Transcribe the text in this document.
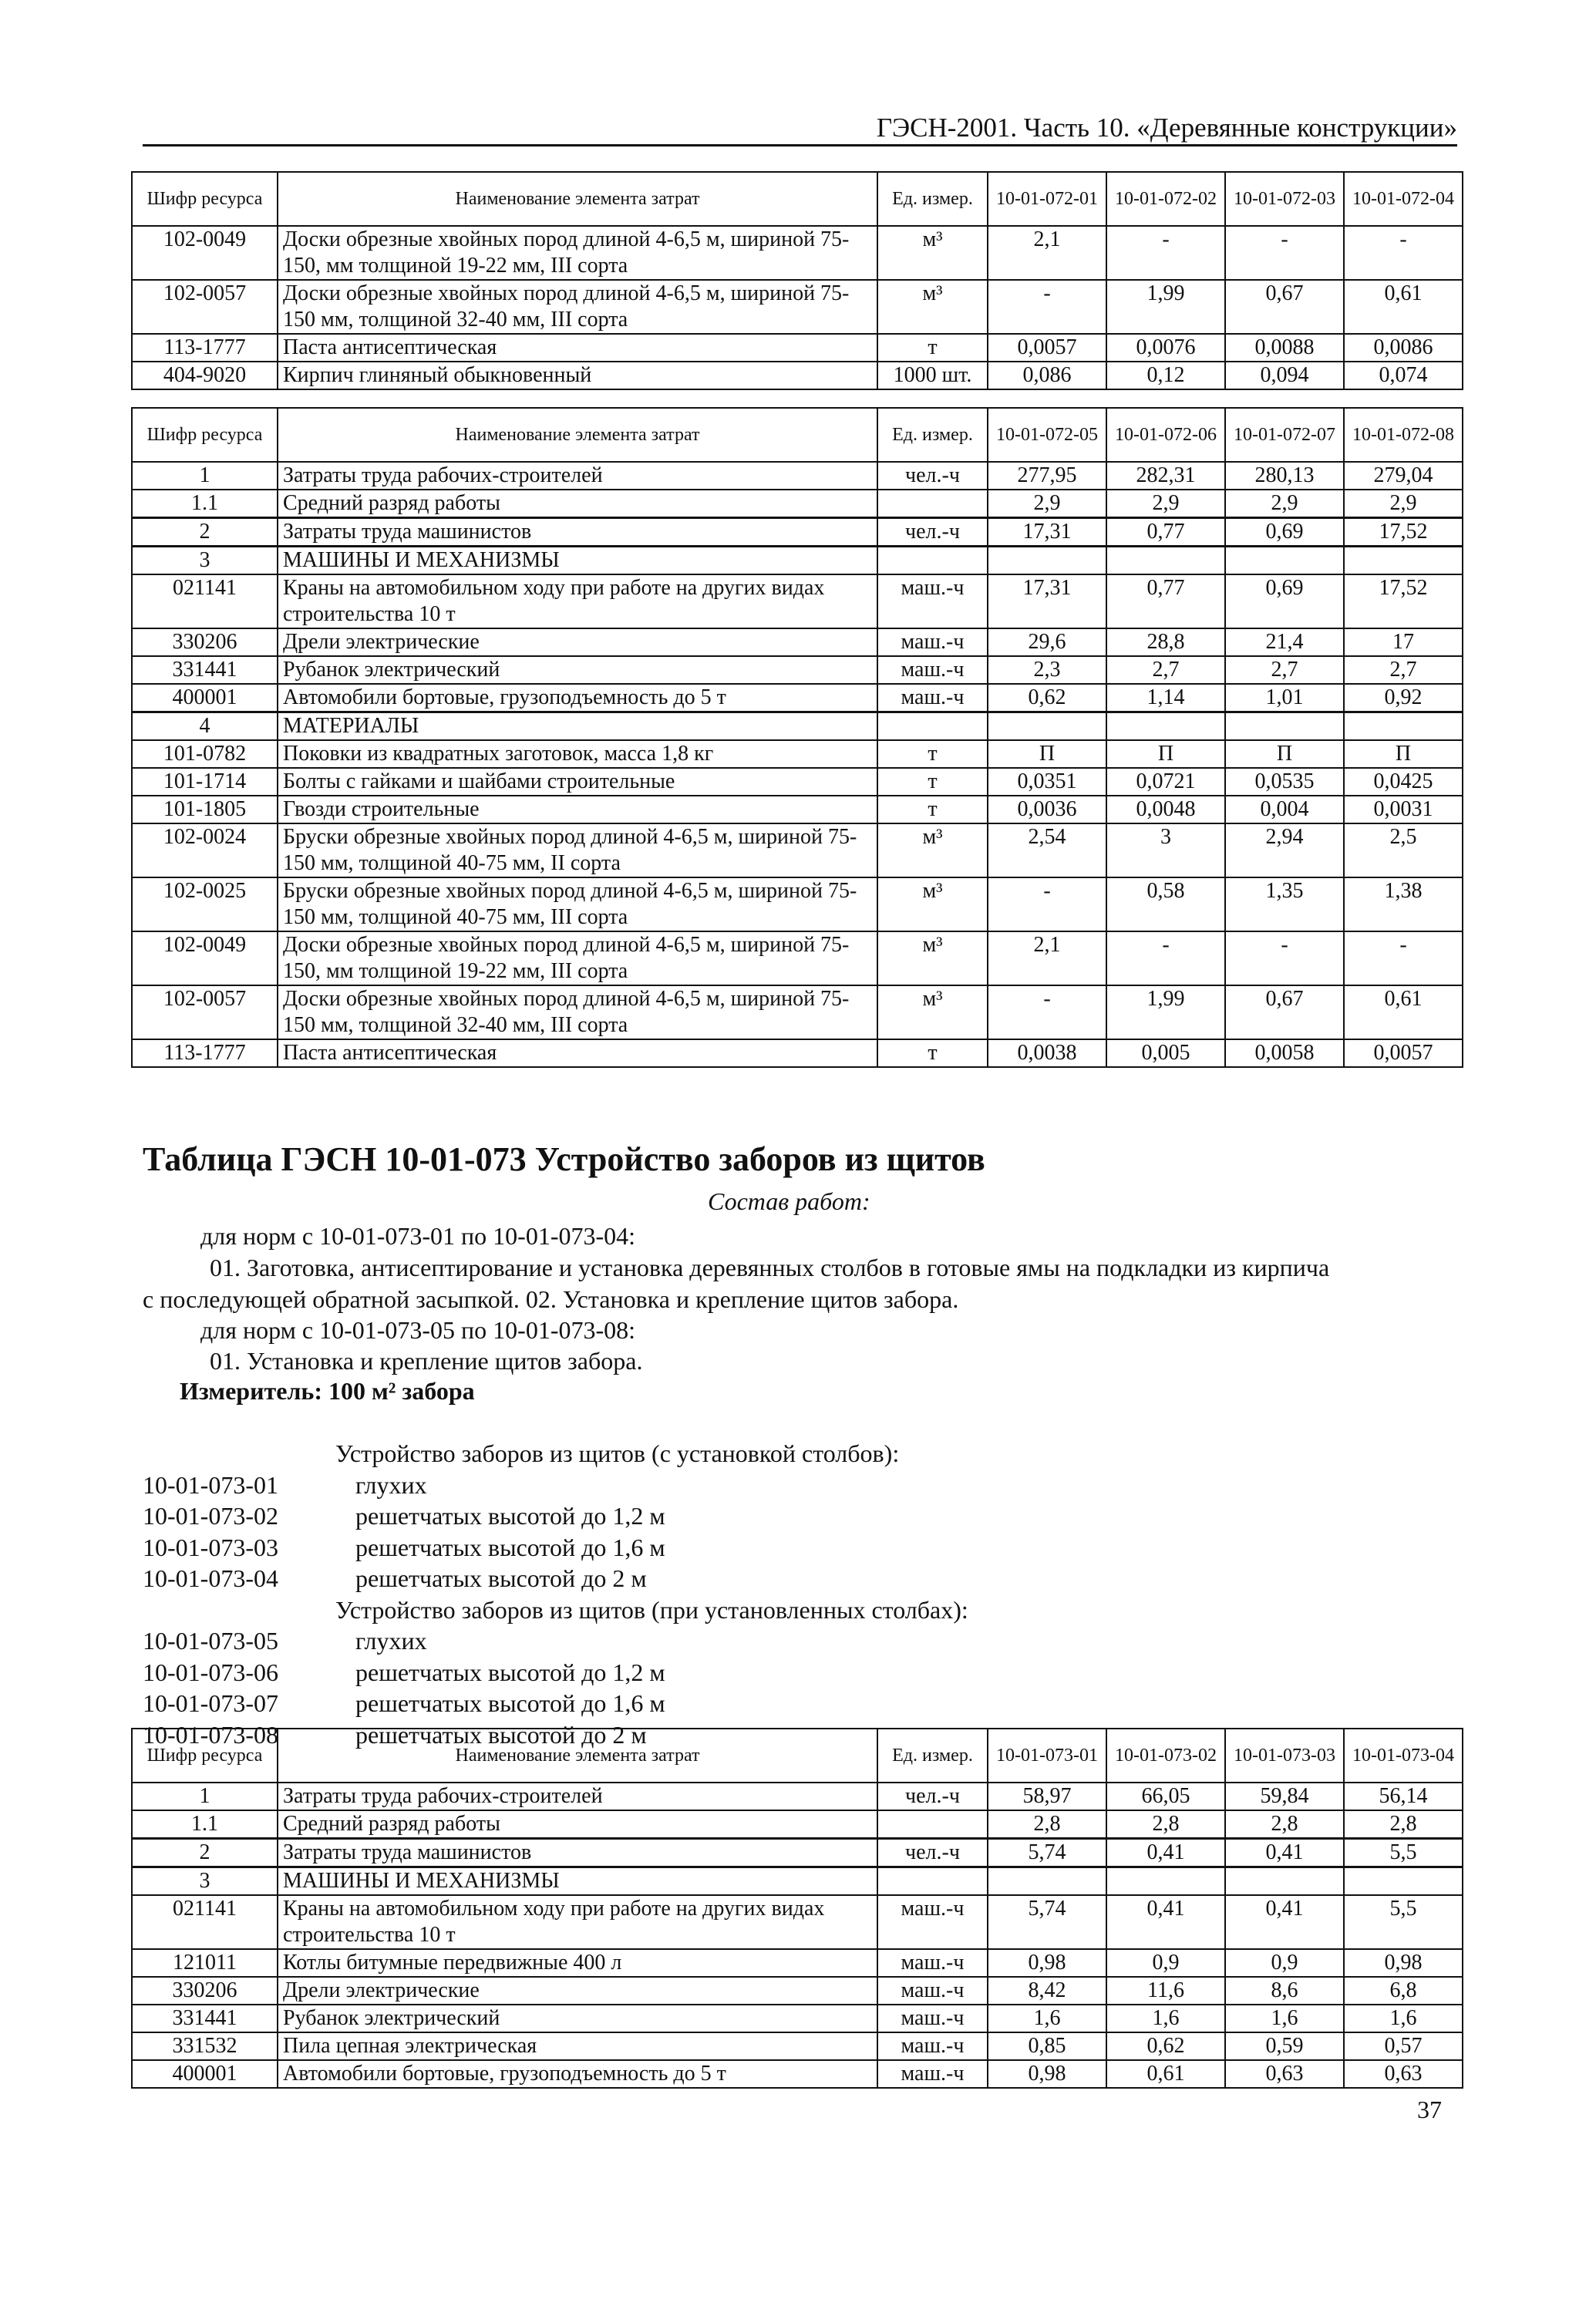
ГЭСН-2001. Часть 10. «Деревянные конструкции»
Шифр ресурса	Наименование элемента затрат	Ед. измер.	10-01-072-01	10-01-072-02	10-01-072-03	10-01-072-04
102-0049	Доски обрезные хвойных пород длиной 4-6,5 м, шириной 75-150, мм толщиной 19-22 мм, III сорта	м³	2,1	-	-	-
102-0057	Доски обрезные хвойных пород длиной 4-6,5 м, шириной 75-150 мм, толщиной 32-40 мм, III сорта	м³	-	1,99	0,67	0,61
113-1777	Паста антисептическая	т	0,0057	0,0076	0,0088	0,0086
404-9020	Кирпич глиняный обыкновенный	1000 шт.	0,086	0,12	0,094	0,074
Шифр ресурса	Наименование элемента затрат	Ед. измер.	10-01-072-05	10-01-072-06	10-01-072-07	10-01-072-08
1	Затраты труда рабочих-строителей	чел.-ч	277,95	282,31	280,13	279,04
1.1	Средний разряд работы		2,9	2,9	2,9	2,9
2	Затраты труда машинистов	чел.-ч	17,31	0,77	0,69	17,52
3	МАШИНЫ И МЕХАНИЗМЫ					
021141	Краны на автомобильном ходу при работе на других видах строительства 10 т	маш.-ч	17,31	0,77	0,69	17,52
330206	Дрели электрические	маш.-ч	29,6	28,8	21,4	17
331441	Рубанок электрический	маш.-ч	2,3	2,7	2,7	2,7
400001	Автомобили бортовые, грузоподъемность до 5 т	маш.-ч	0,62	1,14	1,01	0,92
4	МАТЕРИАЛЫ					
101-0782	Поковки из квадратных заготовок, масса 1,8 кг	т	П	П	П	П
101-1714	Болты с гайками и шайбами строительные	т	0,0351	0,0721	0,0535	0,0425
101-1805	Гвозди строительные	т	0,0036	0,0048	0,004	0,0031
102-0024	Бруски обрезные хвойных пород длиной 4-6,5 м, шириной 75-150 мм, толщиной 40-75 мм, II сорта	м³	2,54	3	2,94	2,5
102-0025	Бруски обрезные хвойных пород длиной 4-6,5 м, шириной 75-150 мм, толщиной 40-75 мм, III сорта	м³	-	0,58	1,35	1,38
102-0049	Доски обрезные хвойных пород длиной 4-6,5 м, шириной 75-150, мм толщиной 19-22 мм, III сорта	м³	2,1	-	-	-
102-0057	Доски обрезные хвойных пород длиной 4-6,5 м, шириной 75-150 мм, толщиной 32-40 мм, III сорта	м³	-	1,99	0,67	0,61
113-1777	Паста антисептическая	т	0,0038	0,005	0,0058	0,0057
Таблица ГЭСН 10-01-073 Устройство заборов из щитов
Состав работ:
для норм с 10-01-073-01 по 10-01-073-04:
01. Заготовка, антисептирование и установка деревянных столбов в готовые ямы на подкладки из кирпича
с последующей обратной засыпкой. 02. Установка и крепление щитов забора.
для норм с 10-01-073-05 по 10-01-073-08:
01. Установка и крепление щитов забора.
Измеритель: 100 м² забора
Устройство заборов из щитов (с установкой столбов):
10-01-073-01	глухих
10-01-073-02	решетчатых высотой до 1,2 м
10-01-073-03	решетчатых высотой до 1,6 м
10-01-073-04	решетчатых высотой до 2 м
Устройство заборов из щитов (при установленных столбах):
10-01-073-05	глухих
10-01-073-06	решетчатых высотой до 1,2 м
10-01-073-07	решетчатых высотой до 1,6 м
10-01-073-08	решетчатых высотой до 2 м
Шифр ресурса	Наименование элемента затрат	Ед. измер.	10-01-073-01	10-01-073-02	10-01-073-03	10-01-073-04
1	Затраты труда рабочих-строителей	чел.-ч	58,97	66,05	59,84	56,14
1.1	Средний разряд работы		2,8	2,8	2,8	2,8
2	Затраты труда машинистов	чел.-ч	5,74	0,41	0,41	5,5
3	МАШИНЫ И МЕХАНИЗМЫ					
021141	Краны на автомобильном ходу при работе на других видах строительства 10 т	маш.-ч	5,74	0,41	0,41	5,5
121011	Котлы битумные передвижные 400 л	маш.-ч	0,98	0,9	0,9	0,98
330206	Дрели электрические	маш.-ч	8,42	11,6	8,6	6,8
331441	Рубанок электрический	маш.-ч	1,6	1,6	1,6	1,6
331532	Пила цепная электрическая	маш.-ч	0,85	0,62	0,59	0,57
400001	Автомобили бортовые, грузоподъемность до 5 т	маш.-ч	0,98	0,61	0,63	0,63
37
